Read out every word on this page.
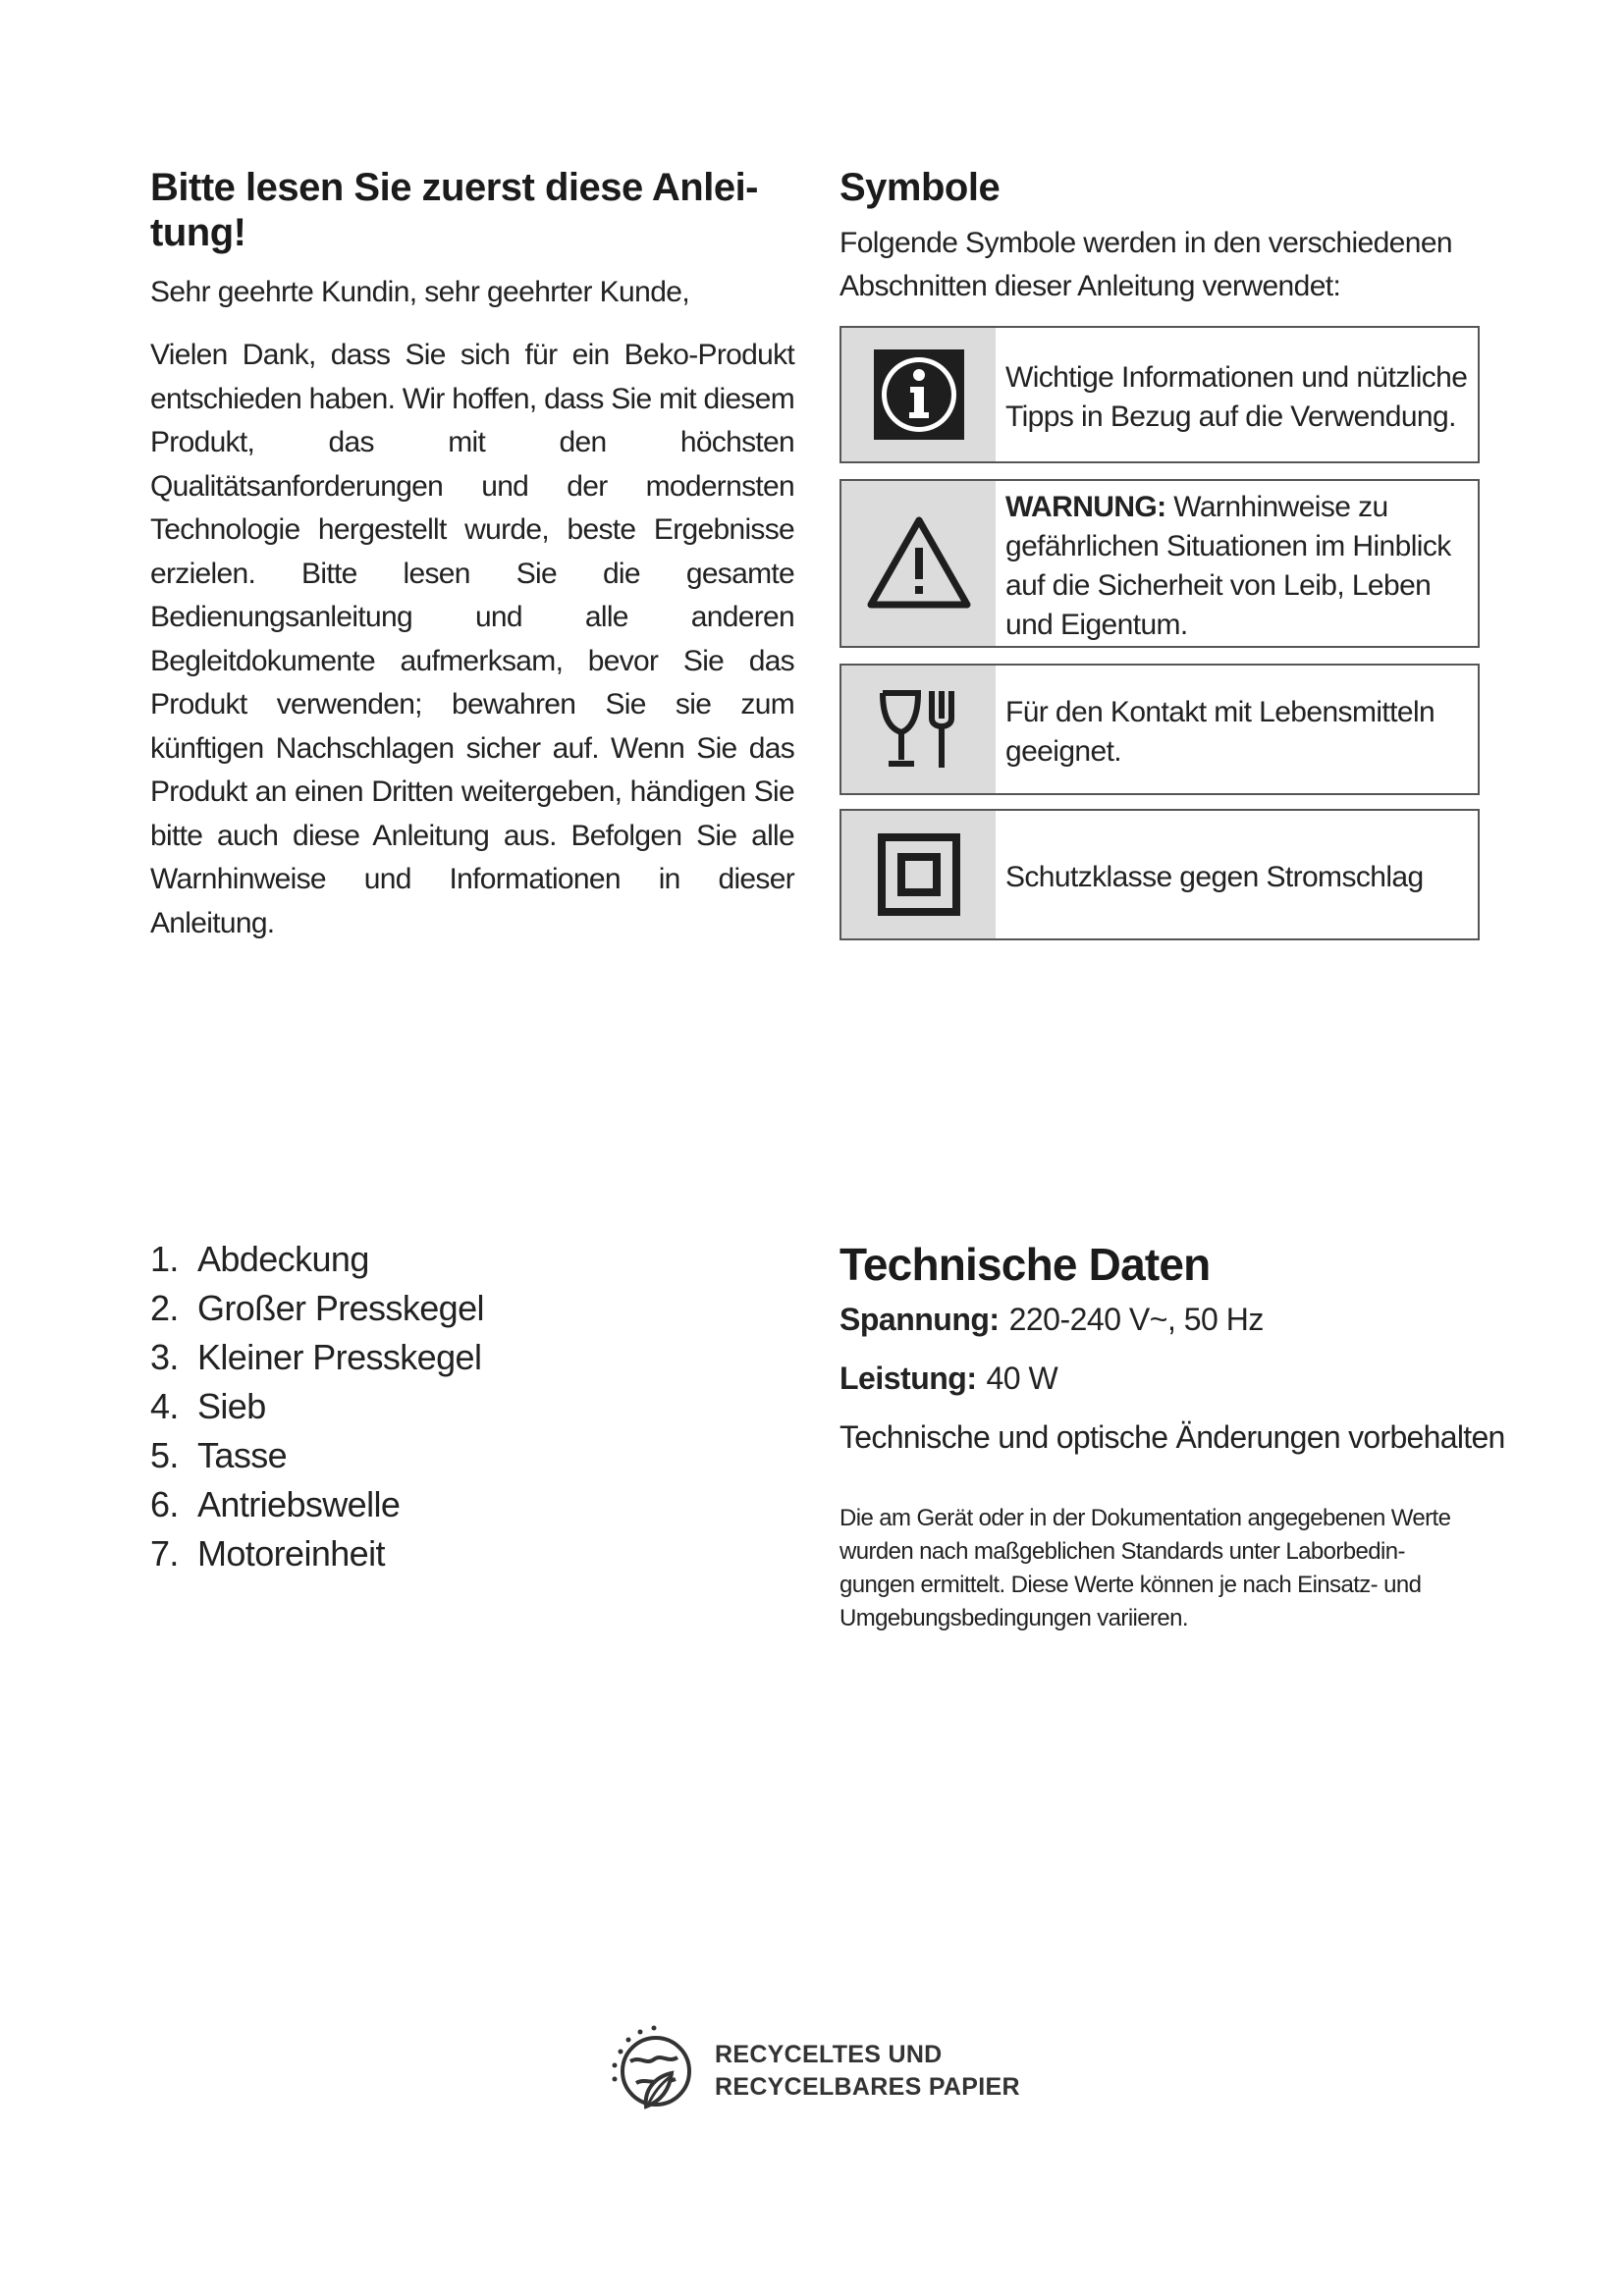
Bitte lesen Sie zuerst diese Anlei-
tung!

Sehr geehrte Kundin, sehr geehrter Kunde,

Vielen Dank, dass Sie sich für ein Beko-Produkt entschieden haben. Wir hoffen, dass Sie mit diesem Produkt, das mit den höchsten Qualitätsanforderungen und der modernsten Technologie hergestellt wurde, beste Ergebnisse erzielen. Bitte lesen Sie die gesamte Bedienungsanleitung und alle anderen Begleitdokumente aufmerksam, bevor Sie das Produkt verwenden; bewahren Sie sie zum künftigen Nachschlagen sicher auf. Wenn Sie das Produkt an einen Dritten weitergeben, händigen Sie bitte auch diese Anleitung aus. Befolgen Sie alle Warnhinweise und Informationen in dieser Anleitung.

Symbole

Folgende Symbole werden in den verschiedenen Abschnitten dieser Anleitung verwendet:

Wichtige Informationen und nützliche Tipps in Bezug auf die Verwendung.
WARNUNG: Warnhinweise zu gefährlichen Situationen im Hinblick auf die Sicherheit von Leib, Leben und Eigentum.
Für den Kontakt mit Lebensmitteln geeignet.
Schutzklasse gegen Stromschlag
1. Abdeckung
2. Großer Presskegel
3. Kleiner Presskegel
4. Sieb
5. Tasse
6. Antriebswelle
7. Motoreinheit
Technische Daten
Spannung: 220-240 V~, 50 Hz
Leistung: 40 W
Technische und optische Änderungen vorbehalten
Die am Gerät oder in der Dokumentation angegebenen Werte wurden nach maßgeblichen Standards unter Laborbedin-gungen ermittelt. Diese Werte können je nach Einsatz- und Umgebungsbedingungen variieren.
RECYCELTES UND
RECYCELBARES PAPIER
